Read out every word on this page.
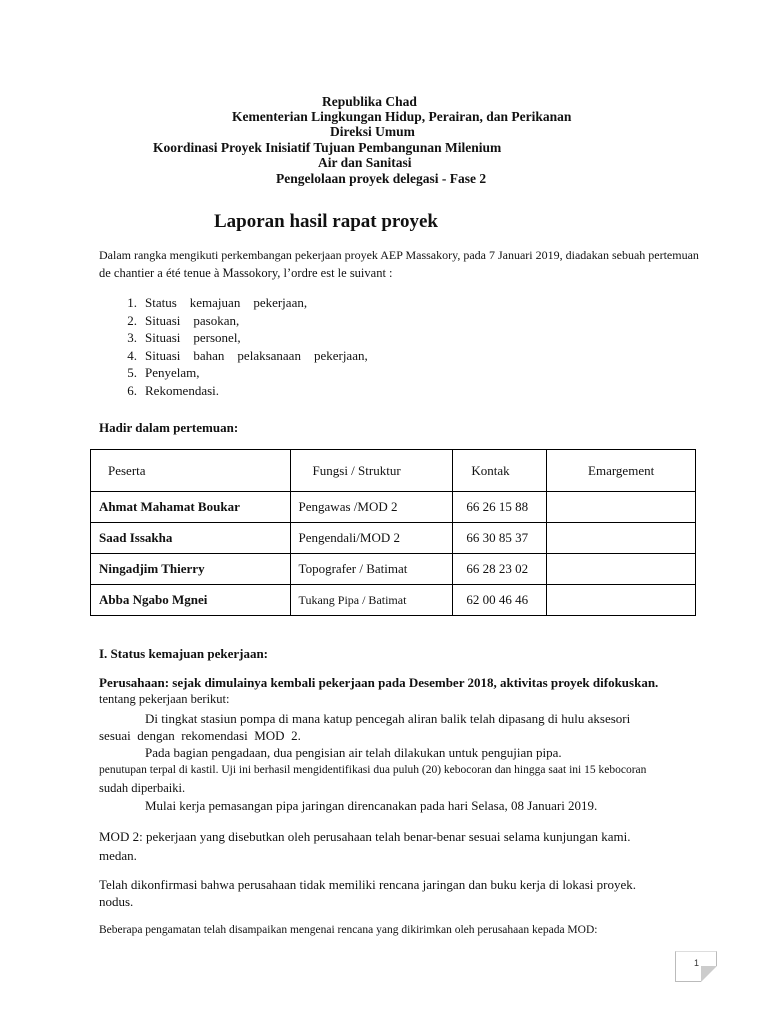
Republika Chad
Kementerian Lingkungan Hidup, Perairan, dan Perikanan
Direksi Umum
Koordinasi Proyek Inisiatif Tujuan Pembangunan Milenium
Air dan Sanitasi
Pengelolaan proyek delegasi - Fase 2
Laporan hasil rapat proyek
Dalam rangka mengikuti perkembangan pekerjaan proyek AEP Massakory, pada 7 Januari 2019, diadakan sebuah pertemuan
de chantier a été tenue à Massokory, l’ordre est le suivant :
1. Status    kemajuan    pekerjaan,
2. Situasi    pasokan,
3. Situasi    personel,
4. Situasi    bahan    pelaksanaan    pekerjaan,
5. Penyelam,
6. Rekomendasi.
Hadir dalam pertemuan:
Peserta	Fungsi / Struktur	Kontak	Emargement
Ahmat Mahamat Boukar	Pengawas /MOD 2	66 26 15 88	
Saad Issakha	Pengendali/MOD 2	66 30 85 37	
Ningadjim Thierry	Topografer / Batimat	66 28 23 02	
Abba Ngabo Mgnei	Tukang Pipa / Batimat	62 00 46 46	
I. Status kemajuan pekerjaan:
Perusahaan: sejak dimulainya kembali pekerjaan pada Desember 2018, aktivitas proyek difokuskan.
tentang pekerjaan berikut:
Di tingkat stasiun pompa di mana katup pencegah aliran balik telah dipasang di hulu aksesori
sesuai  dengan  rekomendasi  MOD  2.
Pada bagian pengadaan, dua pengisian air telah dilakukan untuk pengujian pipa.
penutupan terpal di kastil. Uji ini berhasil mengidentifikasi dua puluh (20) kebocoran dan hingga saat ini 15 kebocoran
sudah diperbaiki.
Mulai kerja pemasangan pipa jaringan direncanakan pada hari Selasa, 08 Januari 2019.
MOD 2: pekerjaan yang disebutkan oleh perusahaan telah benar-benar sesuai selama kunjungan kami.
medan.
Telah dikonfirmasi bahwa perusahaan tidak memiliki rencana jaringan dan buku kerja di lokasi proyek.
nodus.
Beberapa pengamatan telah disampaikan mengenai rencana yang dikirimkan oleh perusahaan kepada MOD:
1
